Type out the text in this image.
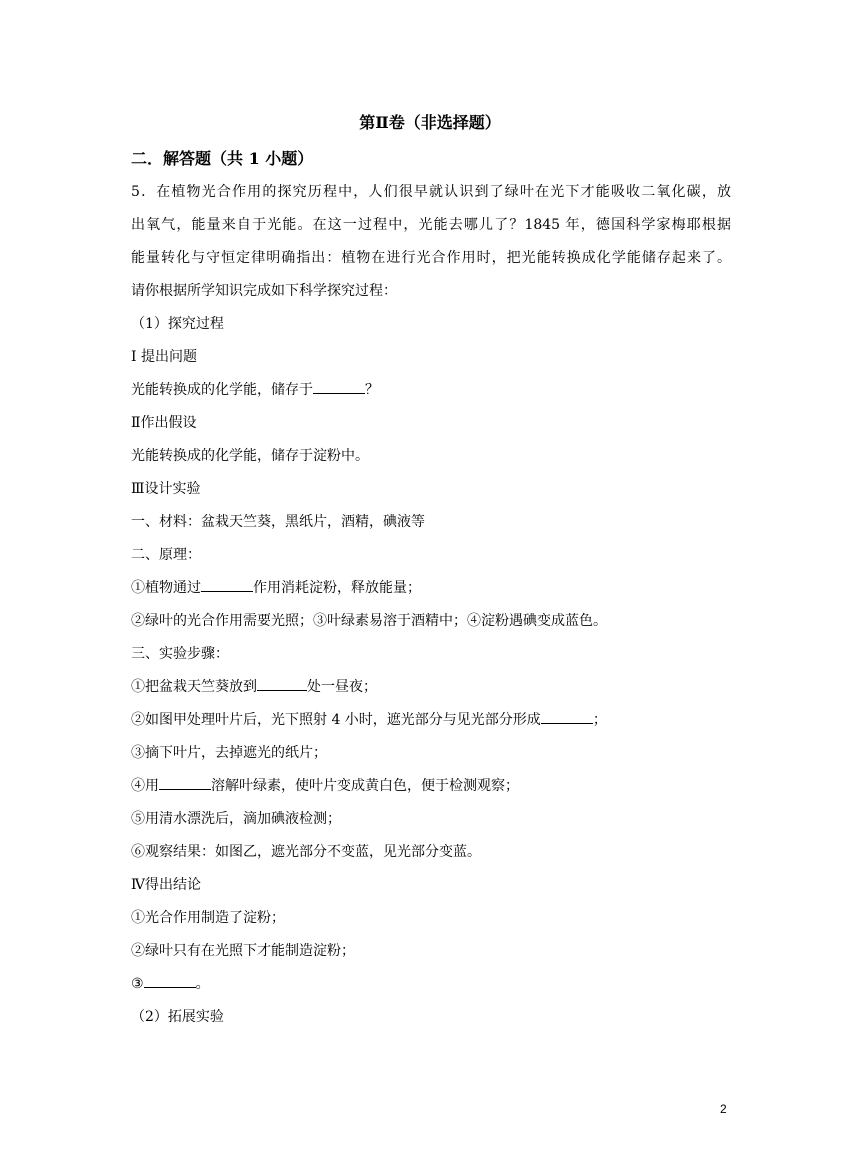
第Ⅱ卷（非选择题）
二．解答题（共 1 小题）
5．在植物光合作用的探究历程中，人们很早就认识到了绿叶在光下才能吸收二氧化碳，放
出氧气，能量来自于光能。在这一过程中，光能去哪儿了？1845 年，德国科学家梅耶根据
能量转化与守恒定律明确指出：植物在进行光合作用时，把光能转换成化学能储存起来了。
请你根据所学知识完成如下科学探究过程：
（1）探究过程
I 提出问题
光能转换成的化学能，储存于	？
Ⅱ作出假设
光能转换成的化学能，储存于淀粉中。
Ⅲ设计实验
一、材料：盆栽天竺葵，黑纸片，酒精，碘液等
二、原理：
①植物通过	作用消耗淀粉，释放能量；
②绿叶的光合作用需要光照；③叶绿素易溶于酒精中；④淀粉遇碘变成蓝色。
三、实验步骤：
①把盆栽天竺葵放到	处一昼夜；
②如图甲处理叶片后，光下照射 4 小时，遮光部分与见光部分形成	；
③摘下叶片，去掉遮光的纸片；
④用	溶解叶绿素，使叶片变成黄白色，便于检测观察；
⑤用清水漂洗后，滴加碘液检测；
⑥观察结果：如图乙，遮光部分不变蓝，见光部分变蓝。
Ⅳ得出结论
①光合作用制造了淀粉；
②绿叶只有在光照下才能制造淀粉；
③	。
（2）拓展实验
2
